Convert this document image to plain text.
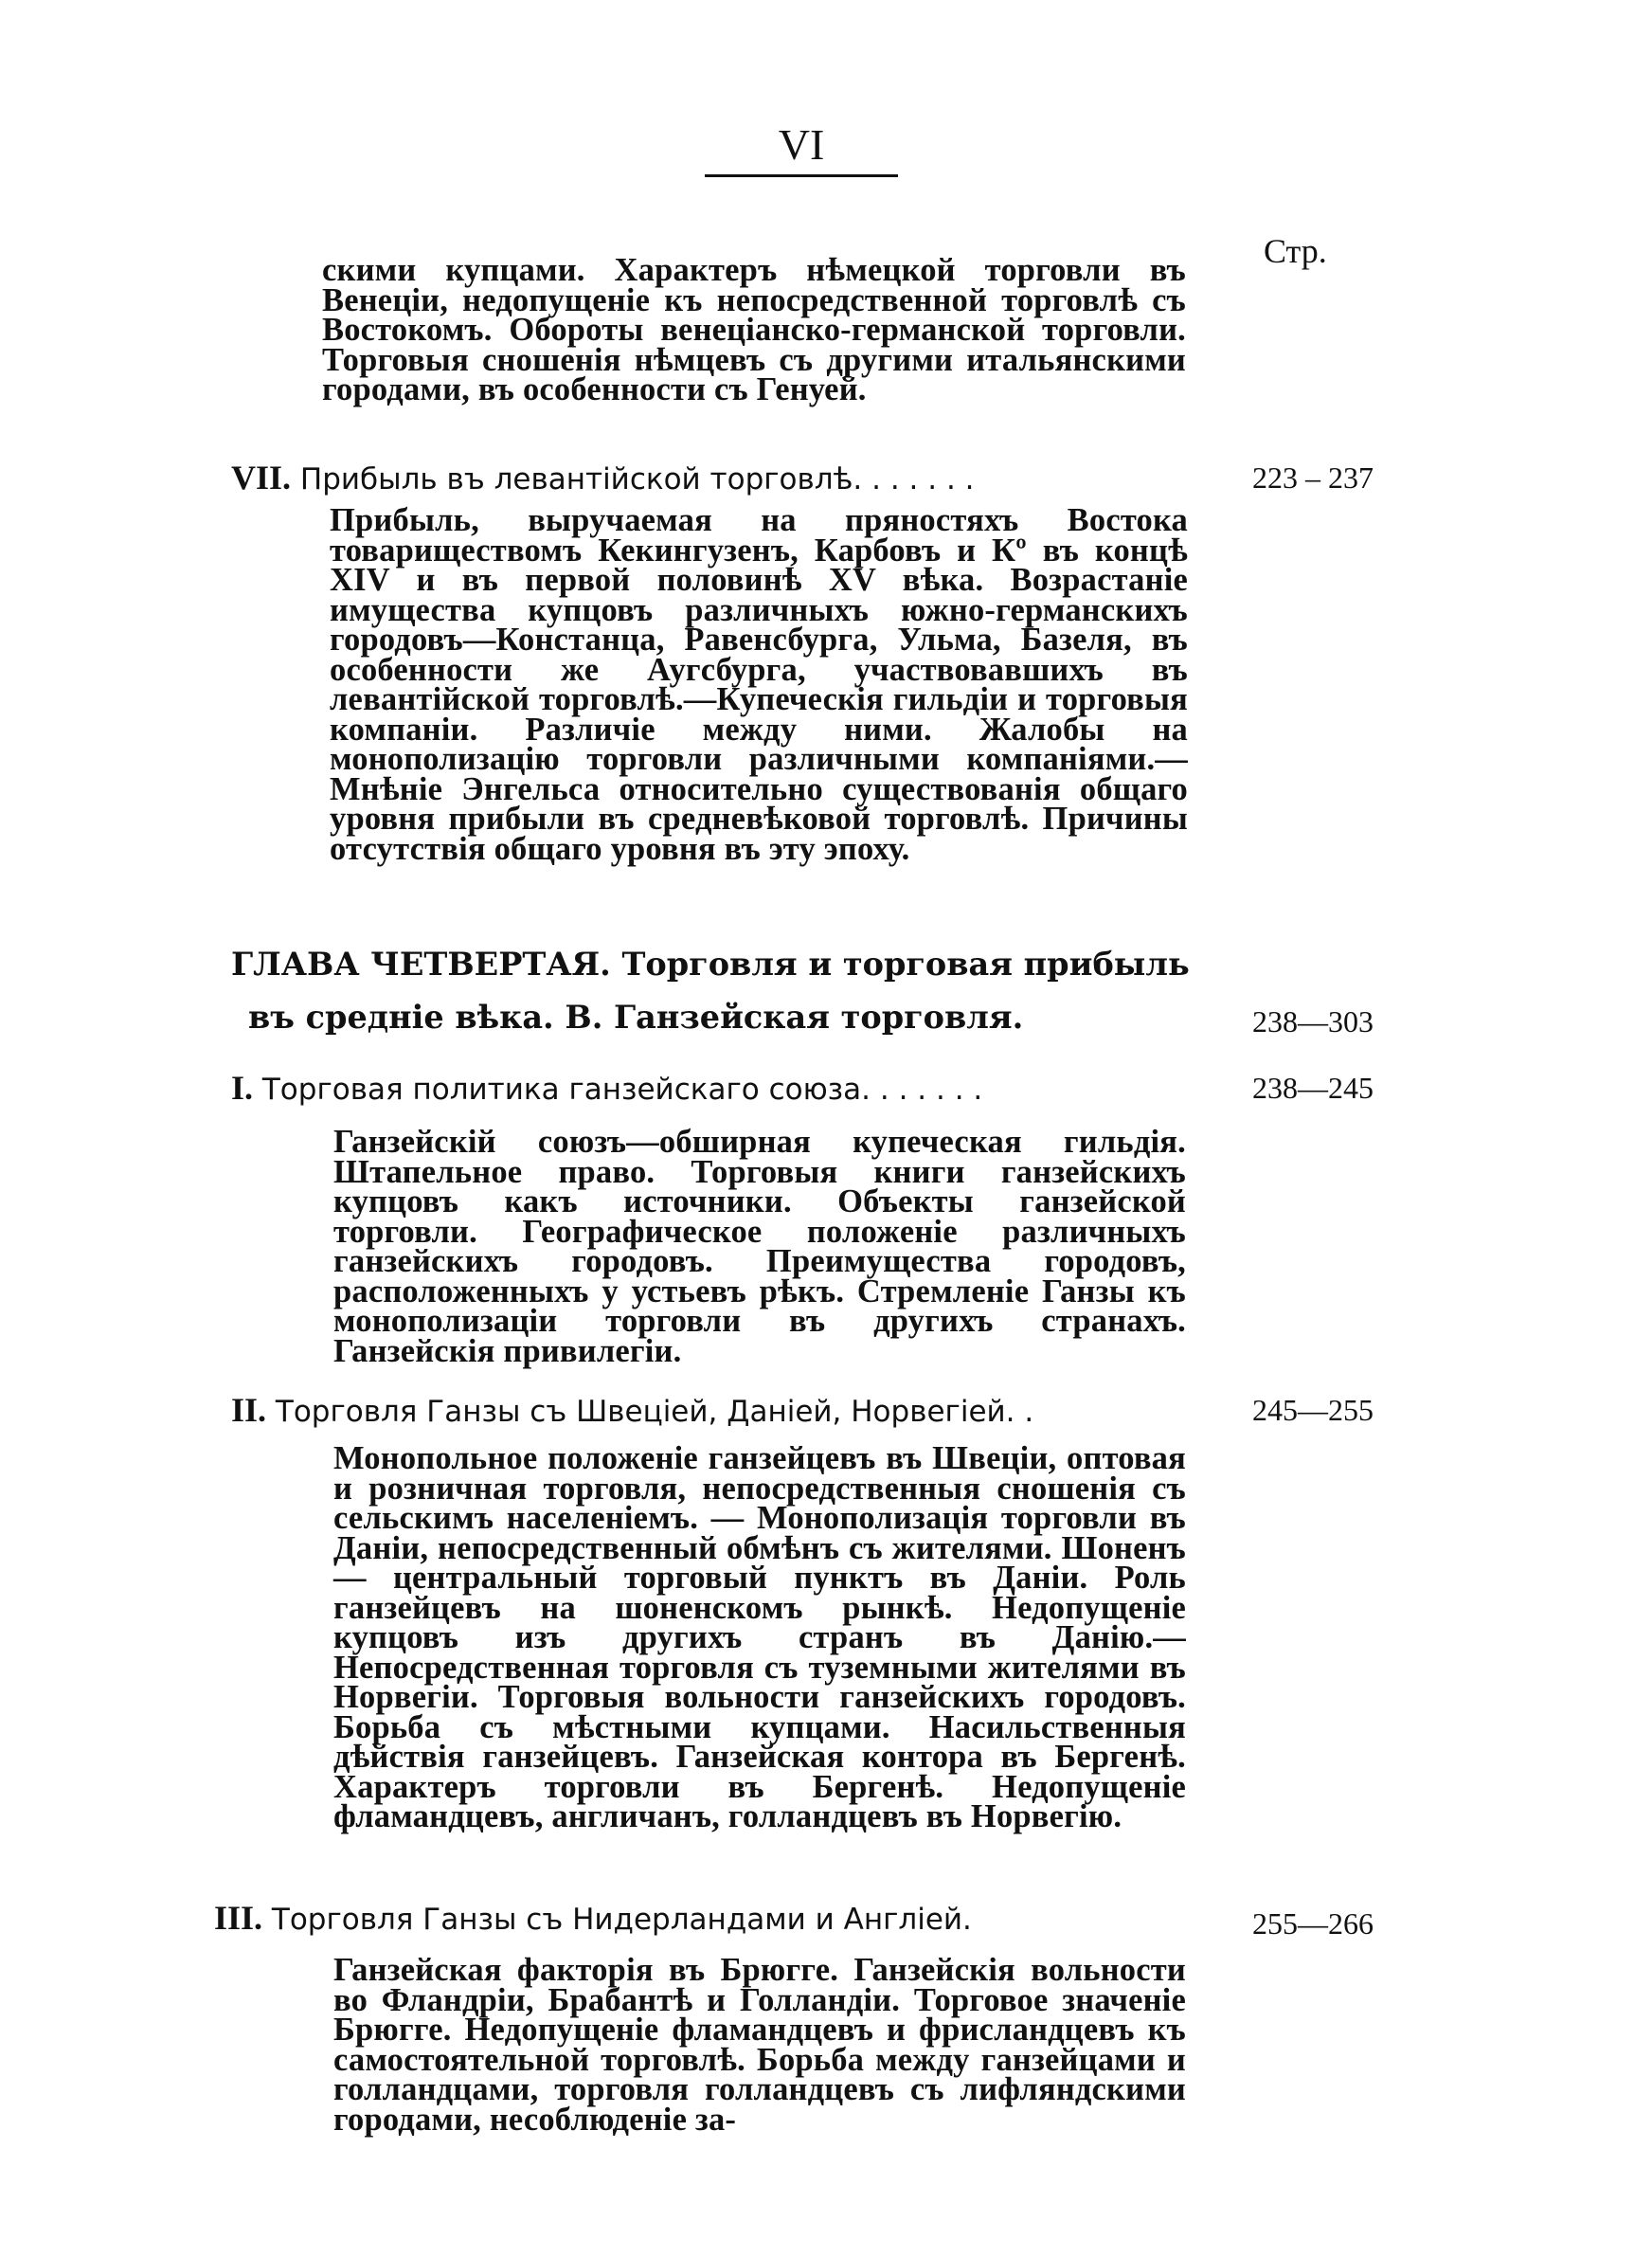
VI
Стр.
скими купцами. Характеръ нѣмецкой торговли въ Венеціи, недопущеніе къ непосредственной торговлѣ съ Востокомъ. Обороты венеціанско-германской торговли. Торговыя сношенія нѣмцевъ съ другими итальянскими городами, въ особенности съ Генуей.
VII. Прибыль въ левантійской торговлѣ. . . . . . .	223 – 237
Прибыль, выручаемая на пряностяхъ Востока товариществомъ Кекингузенъ, Карбовъ и Кº въ концѣ XIV и въ первой половинѣ XV вѣка. Возрастаніе имущества купцовъ различныхъ южно-германскихъ городовъ—Констанца, Равенсбурга, Ульма, Базеля, въ особенности же Аугсбурга, участвовавшихъ въ левантійской торговлѣ.—Купеческія гильдіи и торговыя компаніи. Различіе между ними. Жалобы на монополизацію торговли различными компаніями.—Мнѣніе Энгельса относительно существованія общаго уровня прибыли въ средневѣковой торговлѣ. Причины отсутствія общаго уровня въ эту эпоху.
ГЛАВА ЧЕТВЕРТАЯ. Торговля и торговая прибыль
въ средніе вѣка. B. Ганзейская торговля.	238—303
I. Торговая политика ганзейскаго союза. . . . . . .	238—245
Ганзейскій союзъ—обширная купеческая гильдія. Штапельное право. Торговыя книги ганзейскихъ купцовъ какъ источники. Объекты ганзейской торговли. Географическое положеніе различныхъ ганзейскихъ городовъ. Преимущества городовъ, расположенныхъ у устьевъ рѣкъ. Стремленіе Ганзы къ монополизаціи торговли въ другихъ странахъ. Ганзейскія привилегіи.
II. Торговля Ганзы съ Швеціей, Даніей, Норвегіей. .	245—255
Монопольное положеніе ганзейцевъ въ Швеціи, оптовая и розничная торговля, непосредственныя сношенія съ сельскимъ населеніемъ. — Монополизація торговли въ Даніи, непосредственный обмѣнъ съ жителями. Шоненъ — центральный торговый пунктъ въ Даніи. Роль ганзейцевъ на шоненскомъ рынкѣ. Недопущеніе купцовъ изъ другихъ странъ въ Данію.—Непосредственная торговля съ туземными жителями въ Норвегіи. Торговыя вольности ганзейскихъ городовъ. Борьба съ мѣстными купцами. Насильственныя дѣйствія ганзейцевъ. Ганзейская контора въ Бергенѣ. Характеръ торговли въ Бергенѣ. Недопущеніе фламандцевъ, англичанъ, голландцевъ въ Норвегію.
III. Торговля Ганзы съ Нидерландами и Англіей.	255—266
Ганзейская факторія въ Брюгге. Ганзейскія вольности во Фландріи, Брабантѣ и Голландіи. Торговое значеніе Брюгге. Недопущеніе фламандцевъ и фрисландцевъ къ самостоятельной торговлѣ. Борьба между ганзейцами и голландцами, торговля голландцевъ съ лифляндскими городами, несоблюденіе за-
